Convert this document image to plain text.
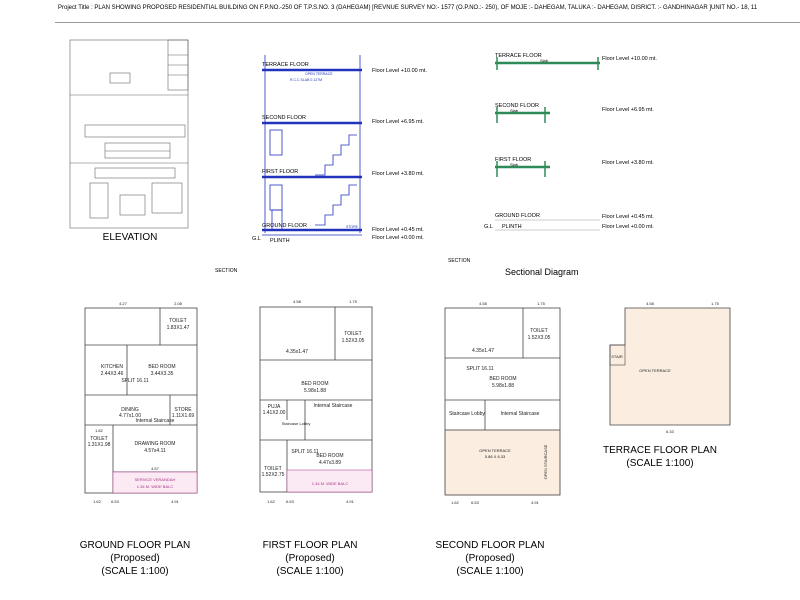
Project Title : PLAN SHOWING PROPOSED RESIDENTIAL BUILDING ON F.P.NO.-250 OF T.P.S.NO. 3 (DAHEGAM) [REVNUE SURVEY NO:- 1577 (O.P.NO.:- 250), OF MOJE :- DAHEGAM, TALUKA :- DAHEGAM, DISRICT. :- GANDHINAGAR ]UNIT NO.- 18, 11
ELEVATION
TERRACE FLOOR
SECOND FLOOR
FIRST FLOOR
GROUND FLOOR
PLINTH
G.L
Floor Level +10.00 mt.
Floor Level +6.95 mt.
Floor Level +3.80 mt.
Floor Level +0.45 mt.
Floor Level +0.00 mt.
OPEN TERRACE
R.C.C SLAB 0.127M
STORE
SECTION
TERRACE FLOOR
SECOND FLOOR
FIRST FLOOR
GROUND FLOOR
PLINTH
G.L
Floor Level +10.00 mt.
Floor Level +6.95 mt.
Floor Level +3.80 mt.
Floor Level +0.45 mt.
Floor Level +0.00 mt.
Slab
Slab
Slab
SECTION
Sectional Diagram
TOILET
1.83X1.47
KITCHEN
2.44X3.46
BED ROOM
3.44X3.35
SPLIT 16.11
DINING
4.77x1.00
Internal Staircase
STORE
1.11X1.69
TOILET
1.31X1.98	DRAWING ROOM
4.57x4.11
SERVICE VERANDAH
1.34 M. WIDE BALC
4.27	2.08
6.53	4.91
1.62
4.57
1.82
GROUND FLOOR PLAN
(Proposed)
(SCALE 1:100)
TOILET
1.52X3.05
4.35x1.47
BED ROOM
5.98x1.88
PUJA
1.41X2.00
Staircase Lobby
Internal Staircase
TOILET
1.52X2.75
BED ROOM
4.47x3.89
SPLIT 16.11
1.34 M. WIDE BALC
4.58	1.75
6.53	4.91
1.62
FIRST FLOOR PLAN
(Proposed)
(SCALE 1:100)
TOILET
1.52X3.05
4.35x1.47
BED ROOM
5.98x1.88
SPLIT 16.11
Staircase Lobby	Internal Staircase
OPEN TERRACE
5.86 X 6.33	OPEN STAIRCASE
4.58	1.75
6.53	4.91
1.62
SECOND FLOOR PLAN
(Proposed)
(SCALE 1:100)
OPEN TERRACE
STAIR
4.58	1.75
6.33
TERRACE FLOOR PLAN
(SCALE 1:100)
